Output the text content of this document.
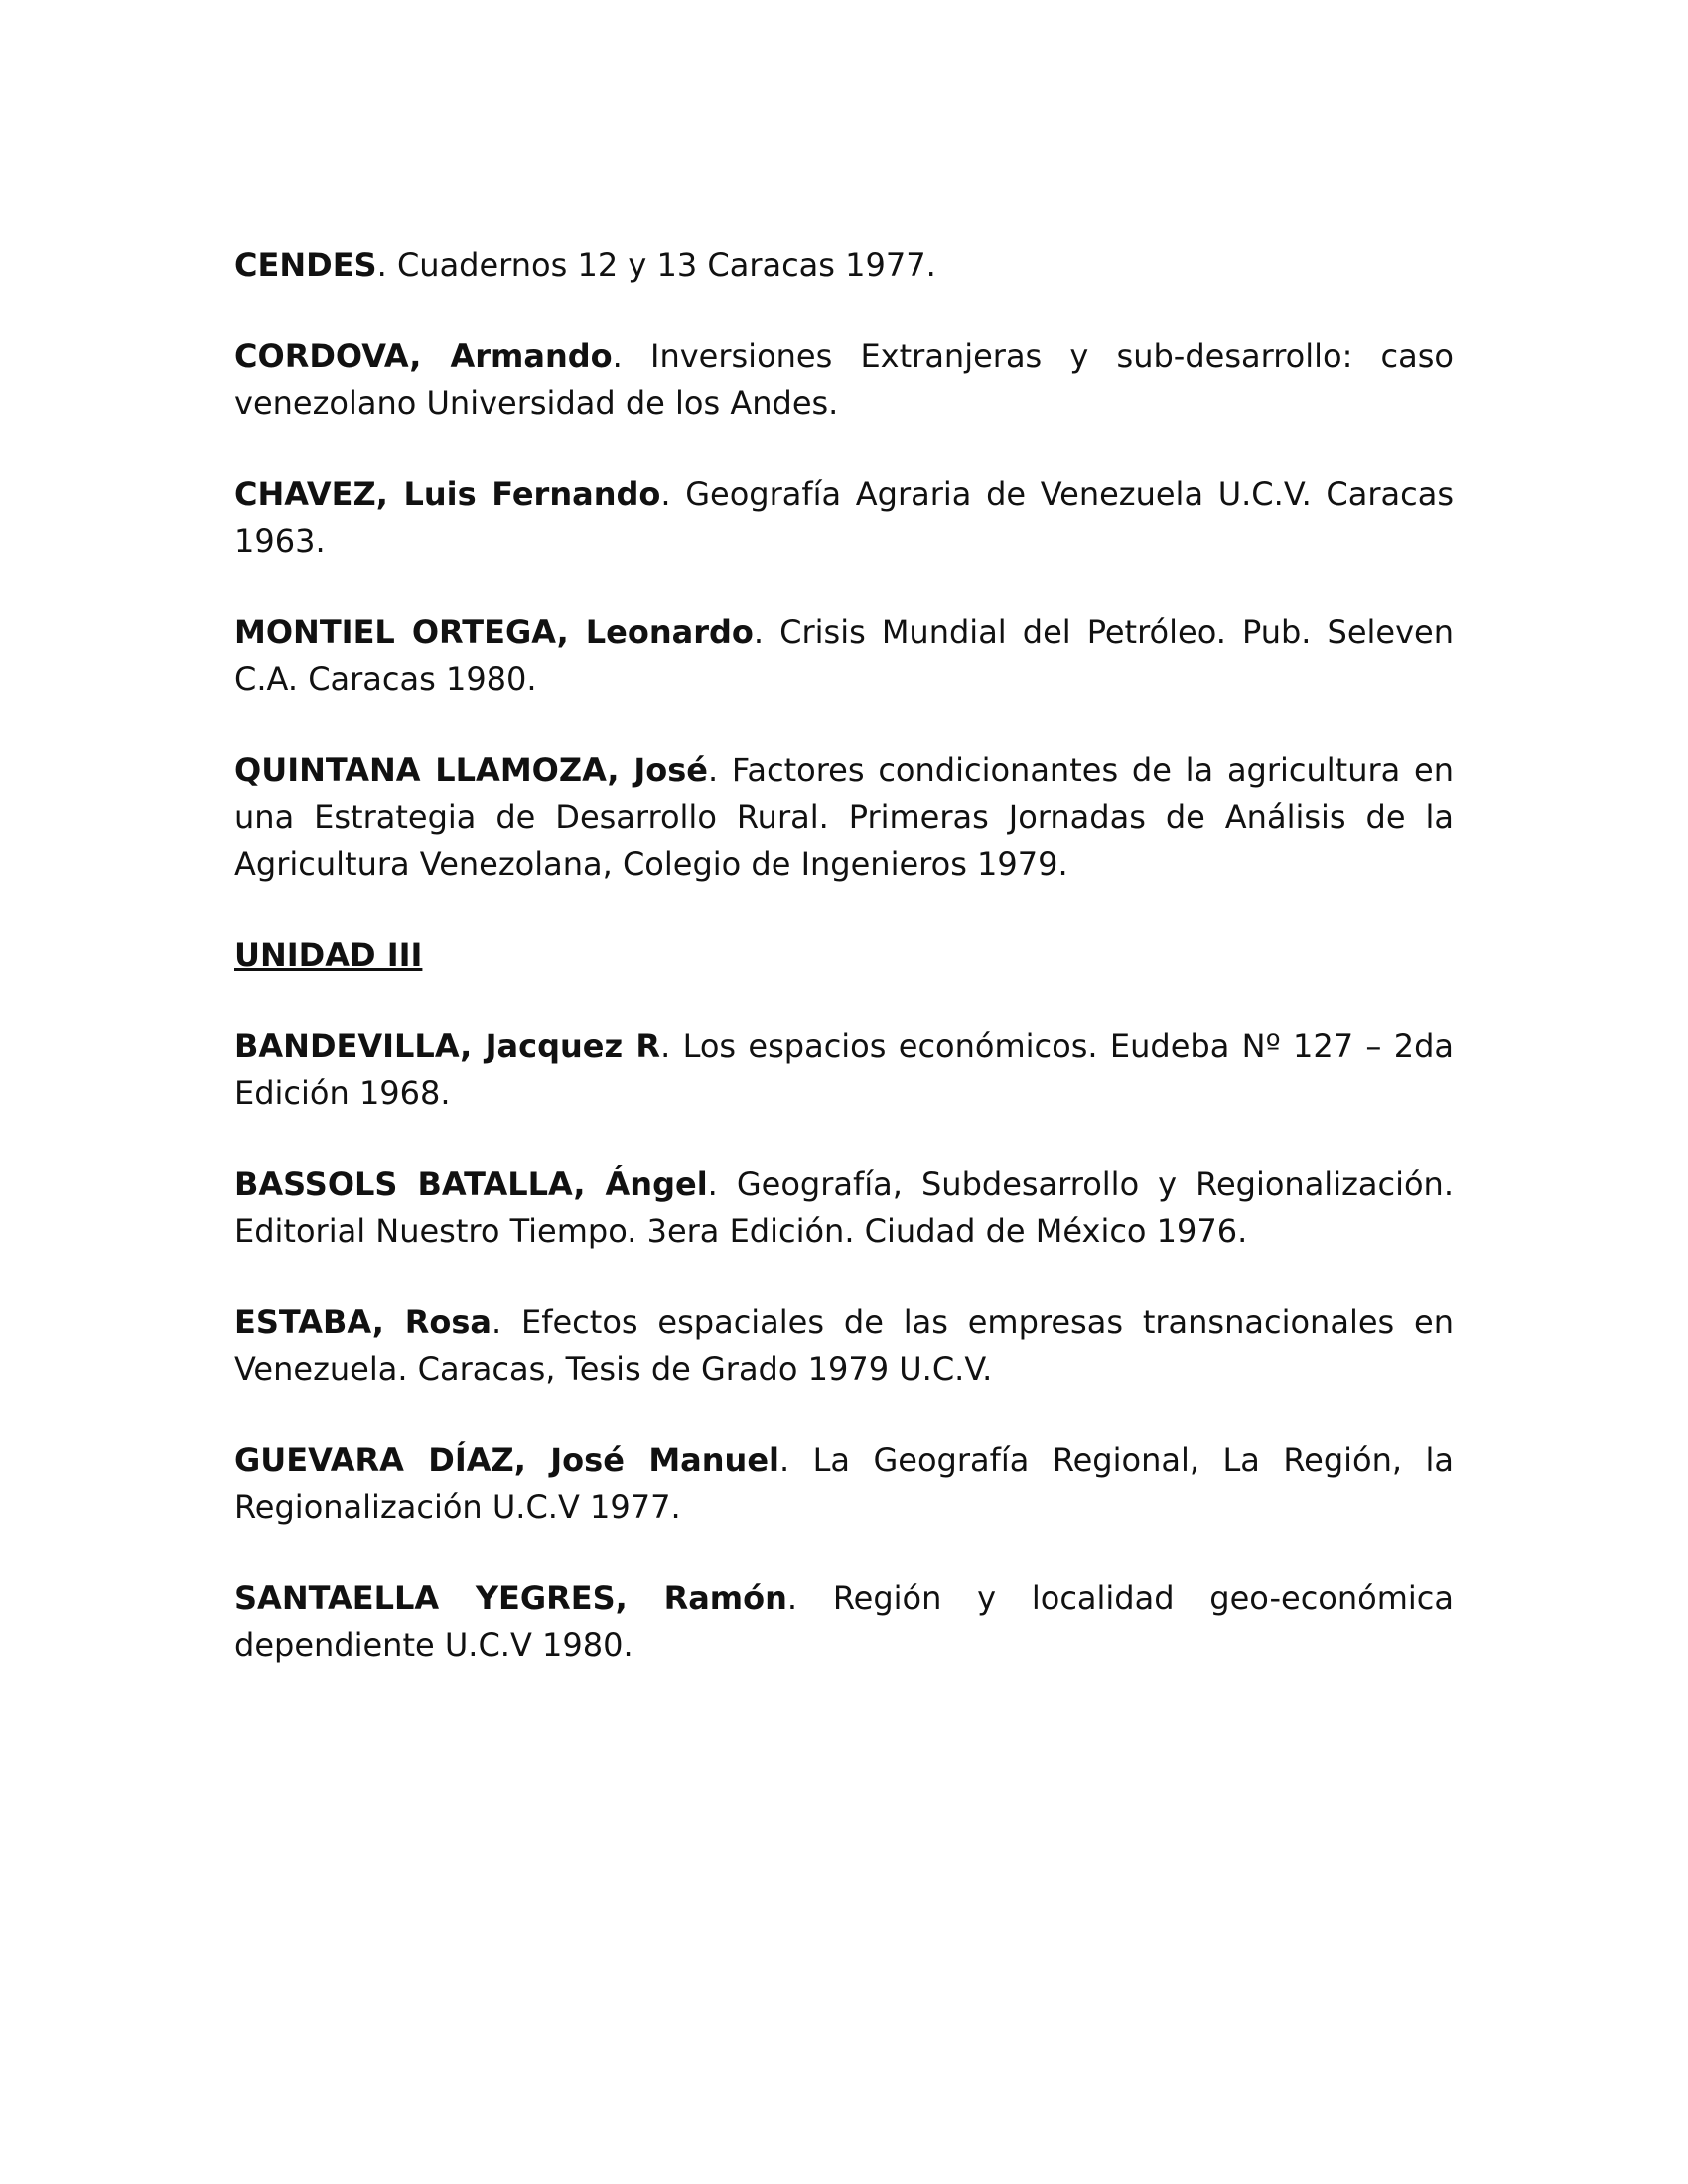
CENDES. Cuadernos 12 y 13 Caracas 1977.

CORDOVA, Armando. Inversiones Extranjeras y sub-desarrollo: caso venezolano Universidad de los Andes.

CHAVEZ, Luis Fernando. Geografía Agraria de Venezuela U.C.V. Caracas 1963.

MONTIEL ORTEGA, Leonardo. Crisis Mundial del Petróleo. Pub. Seleven C.A. Caracas 1980.

QUINTANA LLAMOZA, José. Factores condicionantes de la agricultura en una Estrategia de Desarrollo Rural. Primeras Jornadas de Análisis de la Agricultura Venezolana, Colegio de Ingenieros 1979.

UNIDAD III

BANDEVILLA, Jacquez R. Los espacios económicos. Eudeba Nº 127 – 2da Edición 1968.

BASSOLS BATALLA, Ángel. Geografía, Subdesarrollo y Regionalización. Editorial Nuestro Tiempo. 3era Edición. Ciudad de México 1976.

ESTABA, Rosa. Efectos espaciales de las empresas transnacionales en Venezuela. Caracas, Tesis de Grado 1979 U.C.V.

GUEVARA DÍAZ, José Manuel. La Geografía Regional, La Región, la Regionalización U.C.V 1977.

SANTAELLA YEGRES, Ramón. Región y localidad geo-económica dependiente U.C.V 1980.
